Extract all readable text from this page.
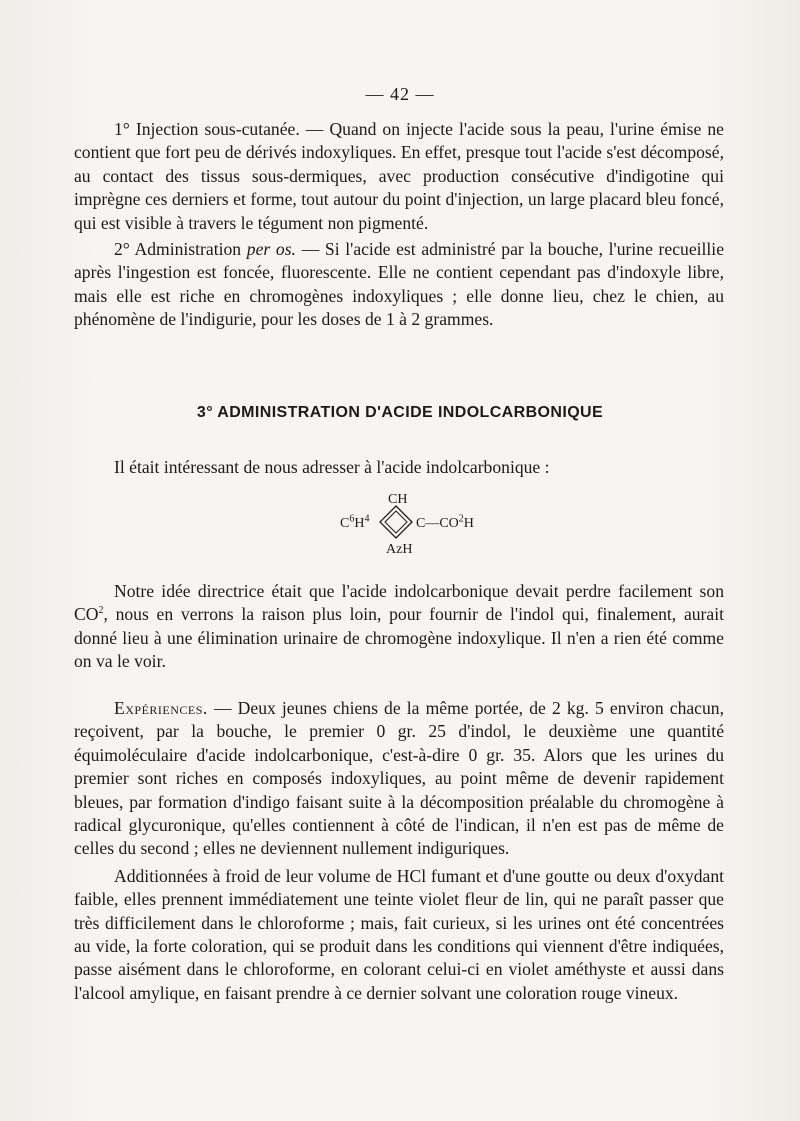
— 42 —

1° Injection sous-cutanée. — Quand on injecte l'acide sous la peau, l'urine émise ne contient que fort peu de dérivés indoxyliques. En effet, presque tout l'acide s'est décomposé, au contact des tissus sous-dermiques, avec production consécutive d'indigotine qui imprègne ces derniers et forme, tout autour du point d'injection, un large placard bleu foncé, qui est visible à travers le tégument non pigmenté.

2° Administration per os. — Si l'acide est administré par la bouche, l'urine recueillie après l'ingestion est foncée, fluorescente. Elle ne contient cependant pas d'indoxyle libre, mais elle est riche en chromogènes indoxyliques ; elle donne lieu, chez le chien, au phénomène de l'indigurie, pour les doses de 1 à 2 grammes.

3° ADMINISTRATION D'ACIDE INDOLCARBONIQUE

Il était intéressant de nous adresser à l'acide indolcarbonique :

CH
$C^6H^4$	$C—CO^2H$
AzH

Notre idée directrice était que l'acide indolcarbonique devait perdre facilement son $CO^2$, nous en verrons la raison plus loin, pour fournir de l'indol qui, finalement, aurait donné lieu à une élimination urinaire de chromogène indoxylique. Il n'en a rien été comme on va le voir.

Expériences. — Deux jeunes chiens de la même portée, de 2 kg. 5 environ chacun, reçoivent, par la bouche, le premier 0 gr. 25 d'indol, le deuxième une quantité équimoléculaire d'acide indolcarbonique, c'est-à-dire 0 gr. 35. Alors que les urines du premier sont riches en composés indoxyliques, au point même de devenir rapidement bleues, par formation d'indigo faisant suite à la décomposition préalable du chromogène à radical glycuronique, qu'elles contiennent à côté de l'indican, il n'en est pas de même de celles du second ; elles ne deviennent nullement indiguriques.

Additionnées à froid de leur volume de HCl fumant et d'une goutte ou deux d'oxydant faible, elles prennent immédiatement une teinte violet fleur de lin, qui ne paraît passer que très difficilement dans le chloroforme ; mais, fait curieux, si les urines ont été concentrées au vide, la forte coloration, qui se produit dans les conditions qui viennent d'être indiquées, passe aisément dans le chloroforme, en colorant celui-ci en violet améthyste et aussi dans l'alcool amylique, en faisant prendre à ce dernier solvant une coloration rouge vineux.
